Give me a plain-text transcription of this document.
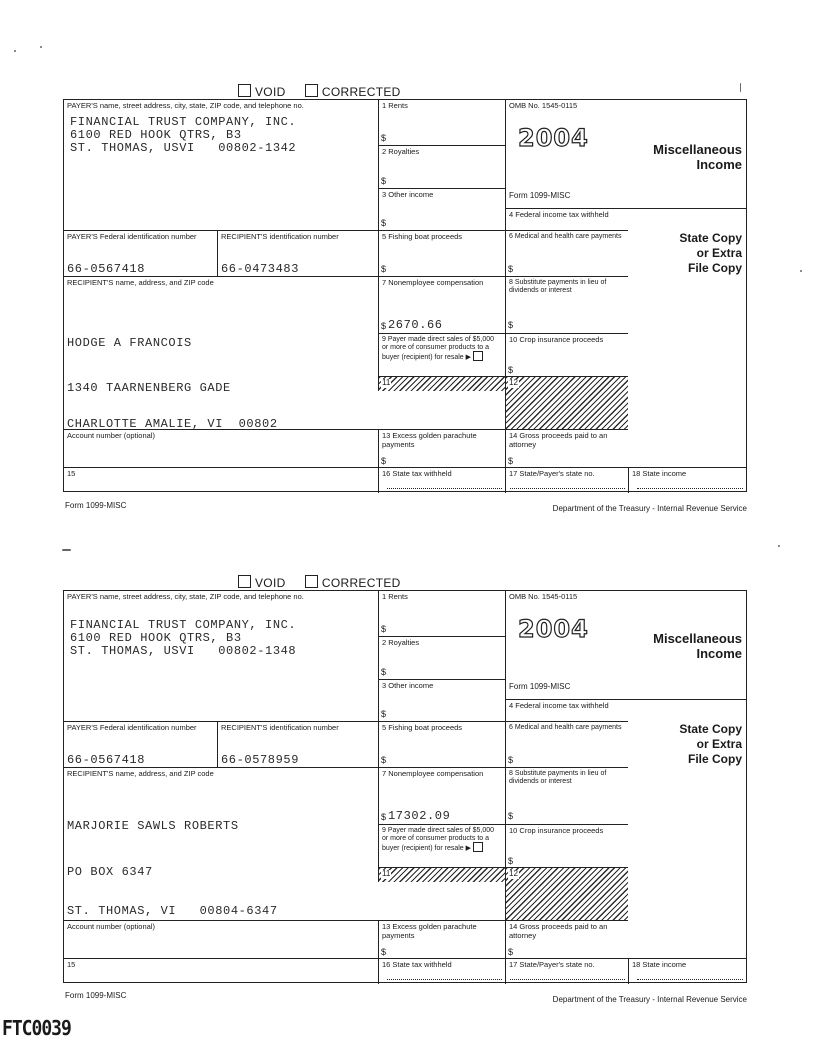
VOID	CORRECTED
PAYER'S name, street address, city, state, ZIP code, and telephone no.
FINANCIAL TRUST COMPANY, INC.
6100 RED HOOK QTRS, B3
ST. THOMAS, USVI   00802-1342
PAYER'S Federal identification number
66-0567418
RECIPIENT'S identification number
66-0473483
RECIPIENT'S name, address, and ZIP code
HODGE A FRANCOIS
1340 TAARNENBERG GADE
CHARLOTTE AMALIE, VI  00802
Account number (optional)
15
1 Rents
$
2 Royalties
$
3 Other income
$
5 Fishing boat proceeds
$
7 Nonemployee compensation
$ 2670.66
9 Payer made direct sales of $5,000 or more of consumer products to a buyer (recipient) for resale ▶
11
13 Excess golden parachute payments
$
16 State tax withheld
OMB No. 1545-0115
2004
Form 1099-MISC
4 Federal income tax withheld
6 Medical and health care payments
$
8 Substitute payments in lieu of dividends or interest
$
10 Crop insurance proceeds
$
12
14 Gross proceeds paid to an attorney
$
17 State/Payer's state no.
Miscellaneous
Income
State Copy
or Extra
File Copy
18 State income
Form 1099-MISC	Department of the Treasury - Internal Revenue Service
VOID	CORRECTED
PAYER'S name, street address, city, state, ZIP code, and telephone no.
FINANCIAL TRUST COMPANY, INC.
6100 RED HOOK QTRS, B3
ST. THOMAS, USVI   00802-1348
PAYER'S Federal identification number
66-0567418
RECIPIENT'S identification number
66-0578959
RECIPIENT'S name, address, and ZIP code
MARJORIE SAWLS ROBERTS
PO BOX 6347
ST. THOMAS, VI   00804-6347
Account number (optional)
15
1 Rents
$
2 Royalties
$
3 Other income
$
5 Fishing boat proceeds
$
7 Nonemployee compensation
$ 17302.09
9 Payer made direct sales of $5,000 or more of consumer products to a buyer (recipient) for resale ▶
11
13 Excess golden parachute payments
$
16 State tax withheld
OMB No. 1545-0115
2004
Form 1099-MISC
4 Federal income tax withheld
6 Medical and health care payments
$
8 Substitute payments in lieu of dividends or interest
$
10 Crop insurance proceeds
$
12
14 Gross proceeds paid to an attorney
$
17 State/Payer's state no.
Miscellaneous
Income
State Copy
or Extra
File Copy
18 State income
Form 1099-MISC	Department of the Treasury - Internal Revenue Service
FTC0039
